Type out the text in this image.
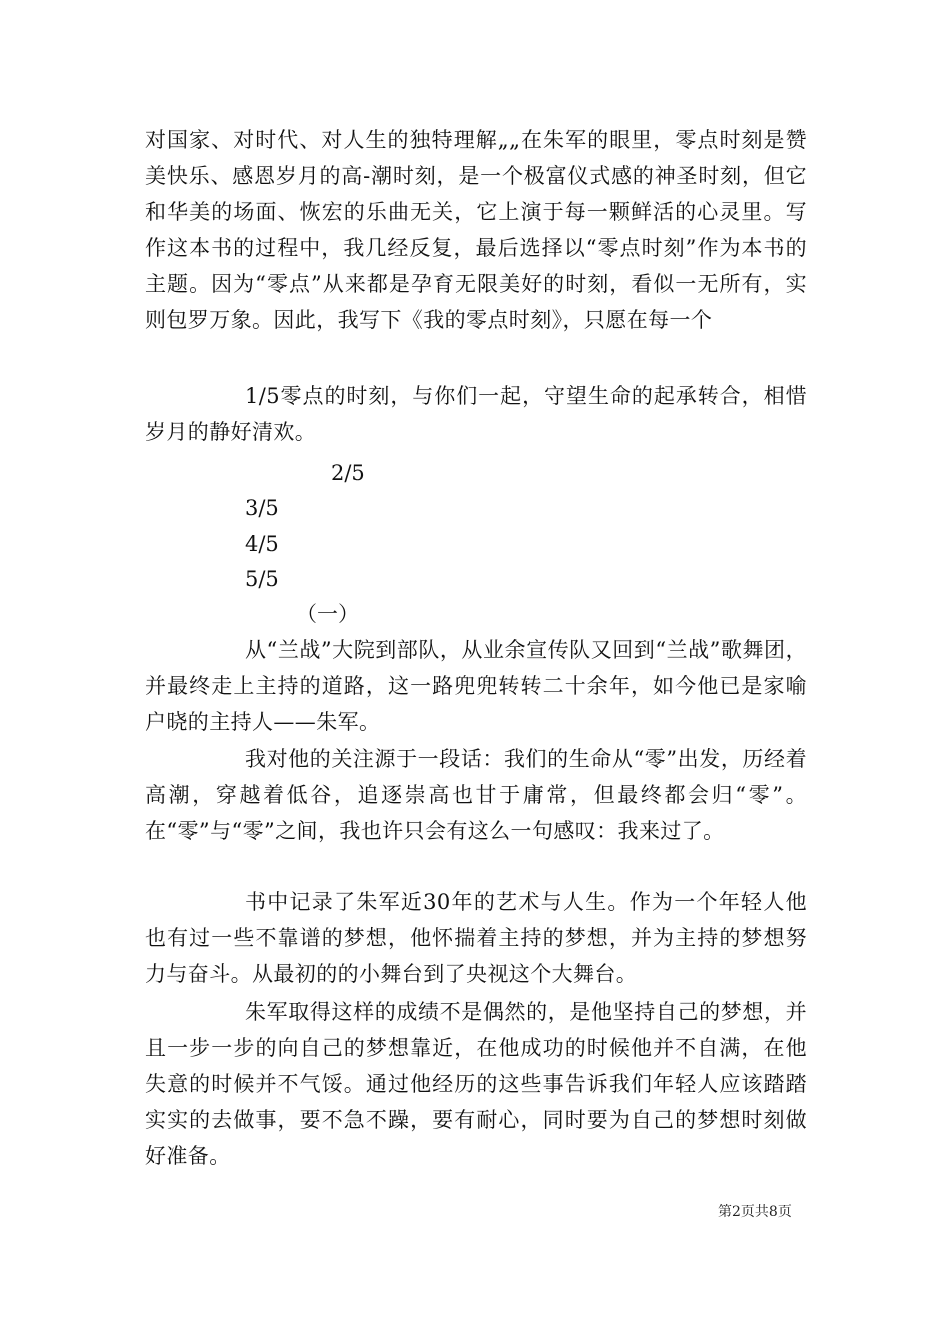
对国家、对时代、对人生的独特理解„„在朱军的眼里，零点时刻是赞美快乐、感恩岁月的高-潮时刻，是一个极富仪式感的神圣时刻，但它和华美的场面、恢宏的乐曲无关，它上演于每一颗鲜活的心灵里。写作这本书的过程中，我几经反复，最后选择以“零点时刻”作为本书的主题。因为“零点”从来都是孕育无限美好的时刻，看似一无所有，实则包罗万象。因此，我写下《我的零点时刻》，只愿在每一个

1/5零点的时刻，与你们一起，守望生命的起承转合，相惜岁月的静好清欢。

2/5

3/5

4/5

5/5

（一）

从“兰战”大院到部队，从业余宣传队又回到“兰战”歌舞团，并最终走上主持的道路，这一路兜兜转转二十余年，如今他已是家喻户晓的主持人——朱军。

我对他的关注源于一段话：我们的生命从“零”出发，历经着高潮，穿越着低谷，追逐崇高也甘于庸常，但最终都会归“零”。在“零”与“零”之间，我也许只会有这么一句感叹：我来过了。

书中记录了朱军近30年的艺术与人生。作为一个年轻人他也有过一些不靠谱的梦想，他怀揣着主持的梦想，并为主持的梦想努力与奋斗。从最初的的小舞台到了央视这个大舞台。

朱军取得这样的成绩不是偶然的，是他坚持自己的梦想，并且一步一步的向自己的梦想靠近，在他成功的时候他并不自满，在他失意的时候并不气馁。通过他经历的这些事告诉我们年轻人应该踏踏实实的去做事，要不急不躁，要有耐心，同时要为自己的梦想时刻做好准备。

第2页共8页
